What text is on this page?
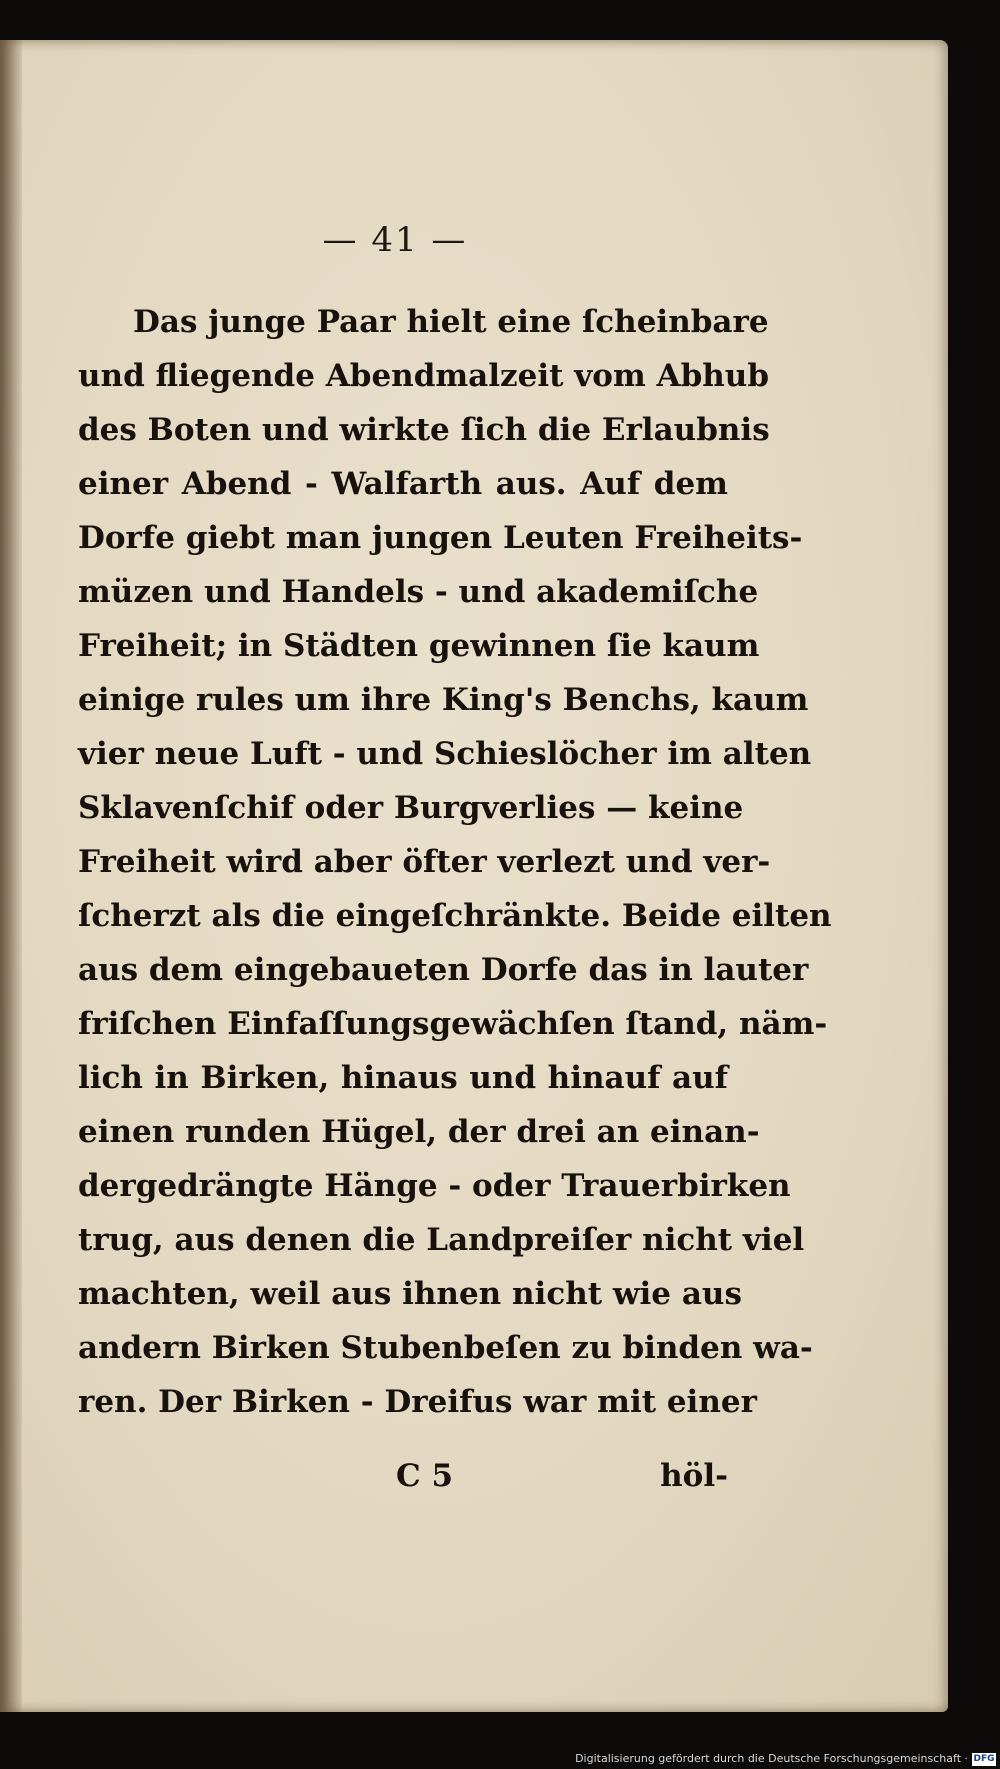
— 41 —
Das junge Paar hielt eine ſcheinbare
und fliegende Abendmalzeit vom Abhub
des Boten und wirkte ſich die Erlaubnis
einer Abend - Walfarth aus. Auf dem
Dorfe giebt man jungen Leuten Freiheits-
müzen und Handels - und akademiſche
Freiheit; in Städten gewinnen ſie kaum
einige rules um ihre King's Benchs, kaum
vier neue Luft - und Schieslöcher im alten
Sklavenſchif oder Burgverlies — keine
Freiheit wird aber öfter verlezt und ver-
ſcherzt als die eingeſchränkte. Beide eilten
aus dem eingebaueten Dorfe das in lauter
friſchen Einfaſſungsgewächſen ſtand, näm-
lich in Birken, hinaus und hinauf auf
einen runden Hügel, der drei an einan-
dergedrängte Hänge - oder Trauerbirken
trug, aus denen die Landpreiſer nicht viel
machten, weil aus ihnen nicht wie aus
andern Birken Stubenbeſen zu binden wa-
ren. Der Birken - Dreifus war mit einer
C 5	höl-
Digitalisierung gefördert durch die Deutsche Forschungsgemeinschaft · DFG
